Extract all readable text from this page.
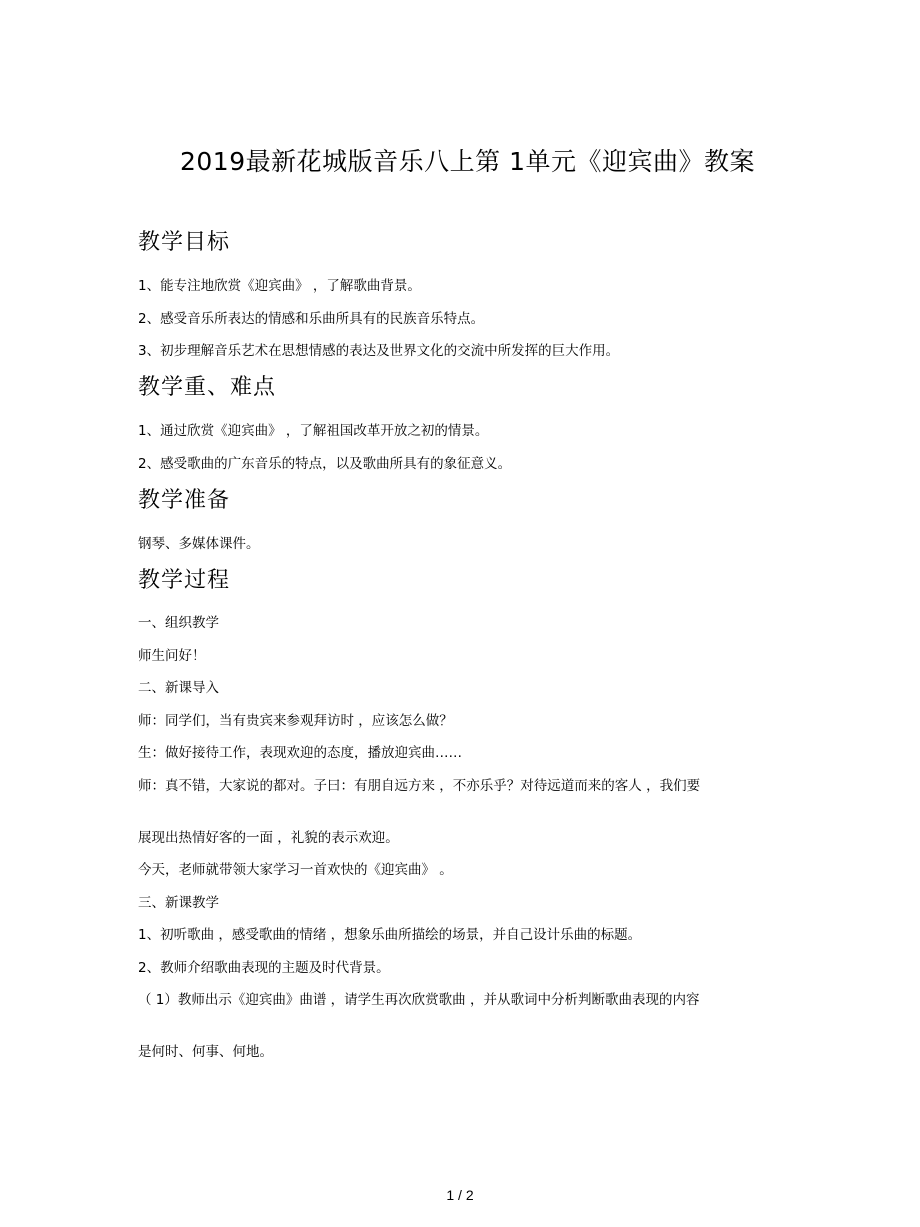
2019最新花城版音乐八上第 1单元《迎宾曲》教案
教学目标

1、能专注地欣赏《迎宾曲》 ，了解歌曲背景。

2、感受音乐所表达的情感和乐曲所具有的民族音乐特点。

3、初步理解音乐艺术在思想情感的表达及世界文化的交流中所发挥的巨大作用。

教学重、难点

1、通过欣赏《迎宾曲》 ，了解祖国改革开放之初的情景。

2、感受歌曲的广东音乐的特点，以及歌曲所具有的象征意义。

教学准备

钢琴、多媒体课件。

教学过程

一、组织教学

师生问好！

二、新课导入

师：同学们，当有贵宾来参观拜访时 ，应该怎么做？

生：做好接待工作，表现欢迎的态度，播放迎宾曲……

师：真不错，大家说的都对。子曰：有朋自远方来 ，不亦乐乎？对待远道而来的客人 ，我们要

展现出热情好客的一面 ，礼貌的表示欢迎。

今天，老师就带领大家学习一首欢快的《迎宾曲》 。

三、新课教学

1、初听歌曲 ，感受歌曲的情绪 ，想象乐曲所描绘的场景，并自己设计乐曲的标题。

2、教师介绍歌曲表现的主题及时代背景。

（ 1）教师出示《迎宾曲》曲谱 ，请学生再次欣赏歌曲 ，并从歌词中分析判断歌曲表现的内容

是何时、何事、何地。

1 / 2
